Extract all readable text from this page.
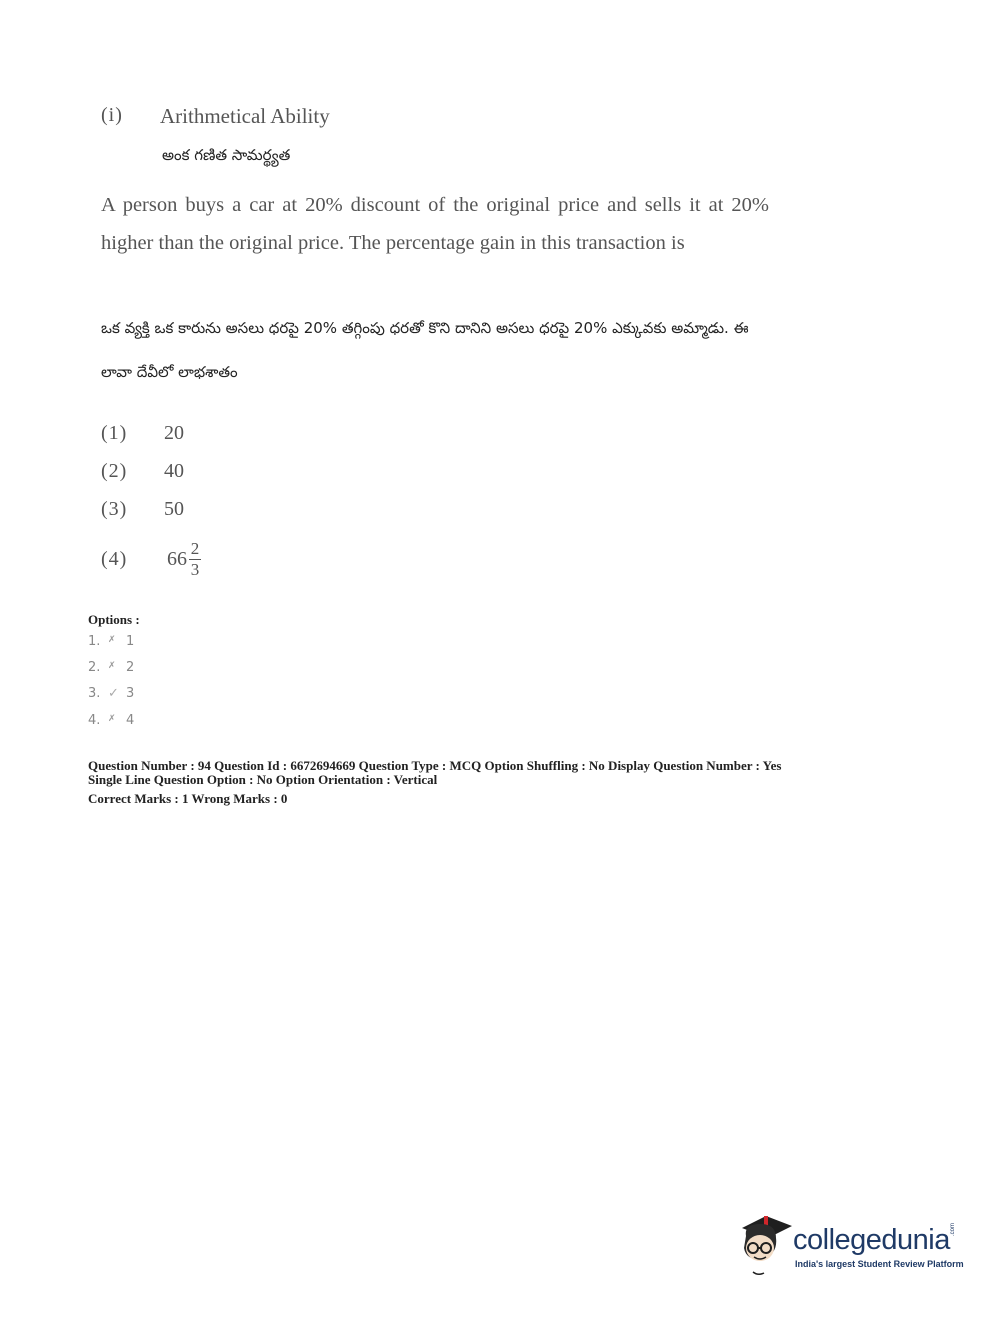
(i) Arithmetical Ability
అంక గణిత సామర్థ్యత
A person buys a car at 20% discount of the original price and sells it at 20% higher than the original price. The percentage gain in this transaction is
ఒక వ్యక్తి ఒక కారును అసలు ధరపై 20% తగ్గింపు ధరతో కొని దానిని అసలు ధరపై 20% ఎక్కువకు అమ్మాడు. ఈ లావా దేవీలో లాభశాతం
(1) 20
(2) 40
(3) 50
(4) $66 \frac{2}{3}$
Options :
1. ✗ 1
2. ✗ 2
3. ✓ 3
4. ✗ 4
Question Number : 94 Question Id : 6672694669 Question Type : MCQ Option Shuffling : No Display Question Number : Yes
Single Line Question Option : No Option Orientation : Vertical
Correct Marks : 1 Wrong Marks : 0
collegedunia .com
India's largest Student Review Platform
